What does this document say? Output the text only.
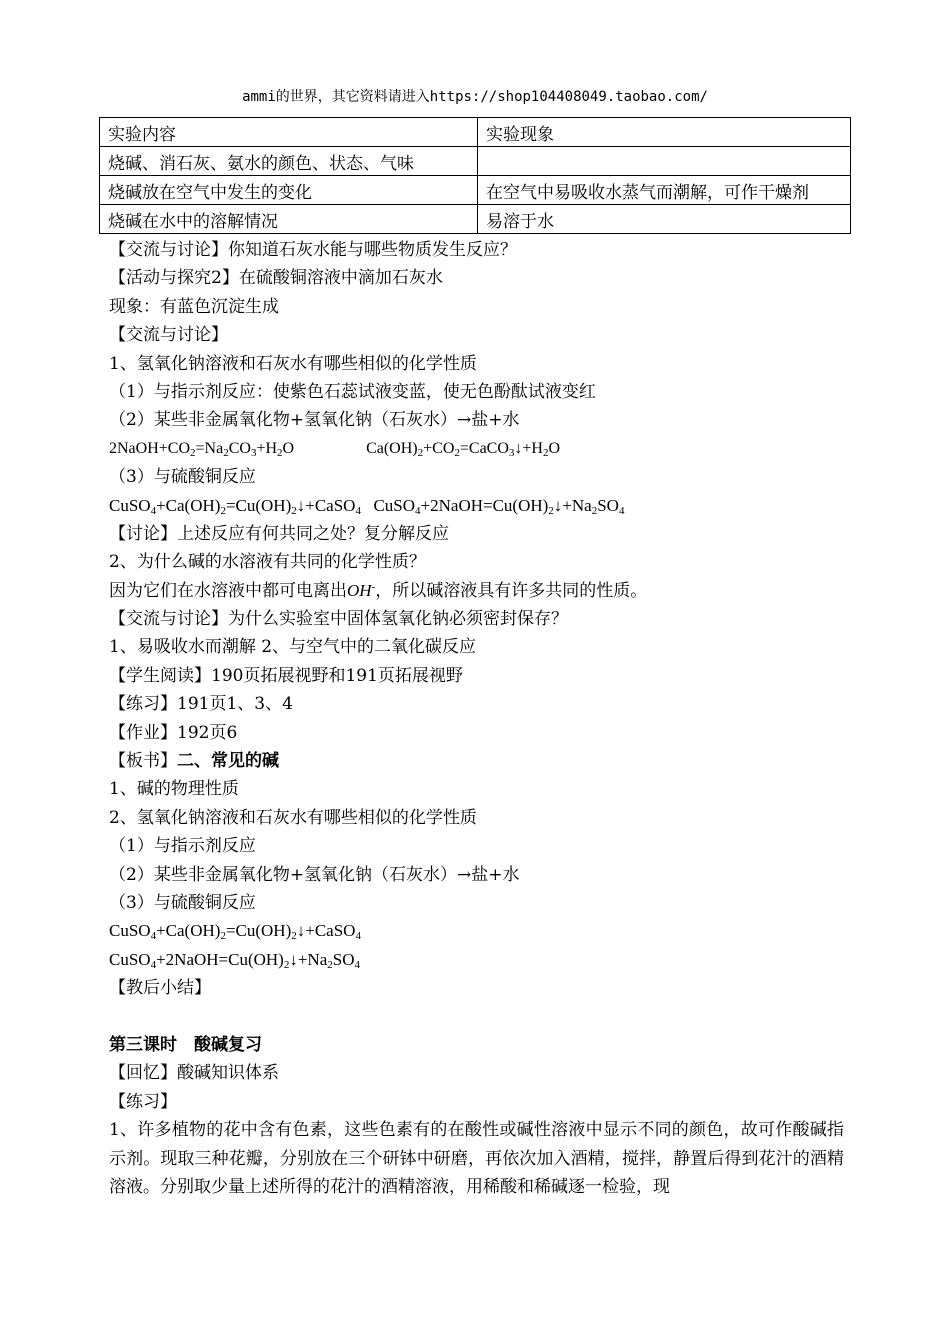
ammi的世界，其它资料请进入https://shop104408049.taobao.com/
实验内容	实验现象
烧碱、消石灰、氨水的颜色、状态、气味	
烧碱放在空气中发生的变化	在空气中易吸收水蒸气而潮解，可作干燥剂
烧碱在水中的溶解情况	易溶于水
【交流与讨论】你知道石灰水能与哪些物质发生反应？
【活动与探究2】在硫酸铜溶液中滴加石灰水
现象：有蓝色沉淀生成
【交流与讨论】
1、氢氧化钠溶液和石灰水有哪些相似的化学性质
（1）与指示剂反应：使紫色石蕊试液变蓝，使无色酚酞试液变红
（2）某些非金属氧化物+氢氧化钠（石灰水）→盐+水
$2NaOH+CO_2=Na_2CO_3+H_2O$	$Ca(OH)_2+CO_2=CaCO_3↓+H_2O$
（3）与硫酸铜反应
$CuSO_4+Ca(OH)_2=Cu(OH)_2↓+CaSO_4$ $CuSO_4+2NaOH=Cu(OH)_2↓+Na_2SO_4$
【讨论】上述反应有何共同之处？复分解反应
2、为什么碱的水溶液有共同的化学性质？
因为它们在水溶液中都可电离出OH-，所以碱溶液具有许多共同的性质。
【交流与讨论】为什么实验室中固体氢氧化钠必须密封保存？
1、易吸收水而潮解 2、与空气中的二氧化碳反应
【学生阅读】190页拓展视野和191页拓展视野
【练习】191页1、3、4
【作业】192页6
【板书】二、常见的碱
1、碱的物理性质
2、氢氧化钠溶液和石灰水有哪些相似的化学性质
（1）与指示剂反应
（2）某些非金属氧化物+氢氧化钠（石灰水）→盐+水
（3）与硫酸铜反应
$CuSO_4+Ca(OH)_2=Cu(OH)_2↓+CaSO_4$
$CuSO_4+2NaOH=Cu(OH)_2↓+Na_2SO_4$
【教后小结】
第三课时　酸碱复习
【回忆】酸碱知识体系
【练习】
1、许多植物的花中含有色素，这些色素有的在酸性或碱性溶液中显示不同的颜色，故可作酸碱指示剂。现取三种花瓣，分别放在三个研钵中研磨，再依次加入酒精，搅拌，静置后得到花汁的酒精溶液。分别取少量上述所得的花汁的酒精溶液，用稀酸和稀碱逐一检验，现
